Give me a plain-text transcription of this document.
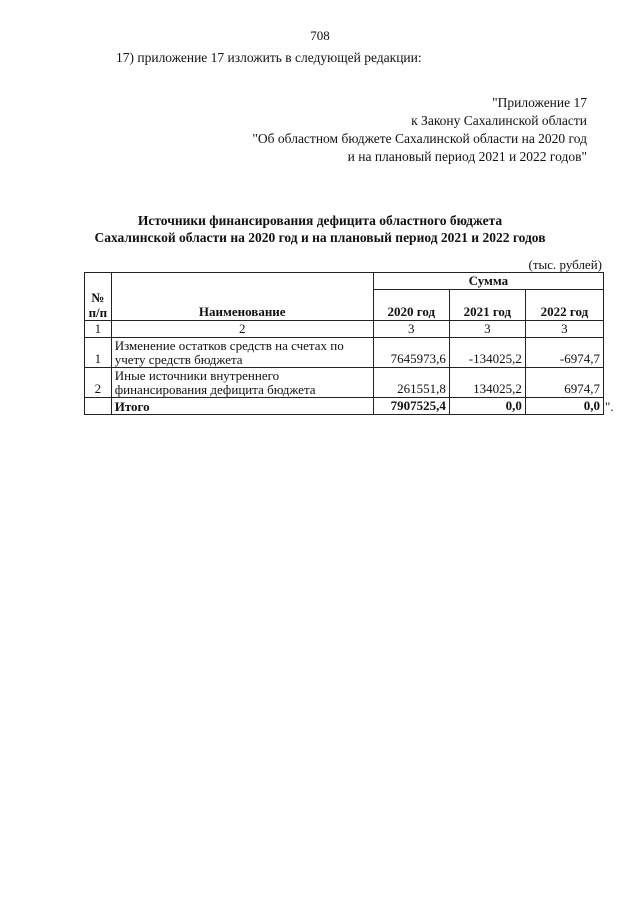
708
17) приложение 17 изложить в следующей редакции:
"Приложение 17
к Закону Сахалинской области
"Об областном бюджете Сахалинской области на 2020 год
и на плановый период 2021 и 2022 годов"
Источники финансирования дефицита областного бюджета
Сахалинской области на 2020 год и на плановый период 2021 и 2022 годов
(тыс. рублей)
№ п/п	Наименование	Сумма		
		2020 год	2021 год	2022 год
1	2	3	3	3
1	Изменение остатков средств на счетах по учету средств бюджета	7645973,6	-134025,2	-6974,7
2	Иные источники внутреннего финансирования дефицита бюджета	261551,8	134025,2	6974,7
	Итого	7907525,4	0,0	0,0 ".
